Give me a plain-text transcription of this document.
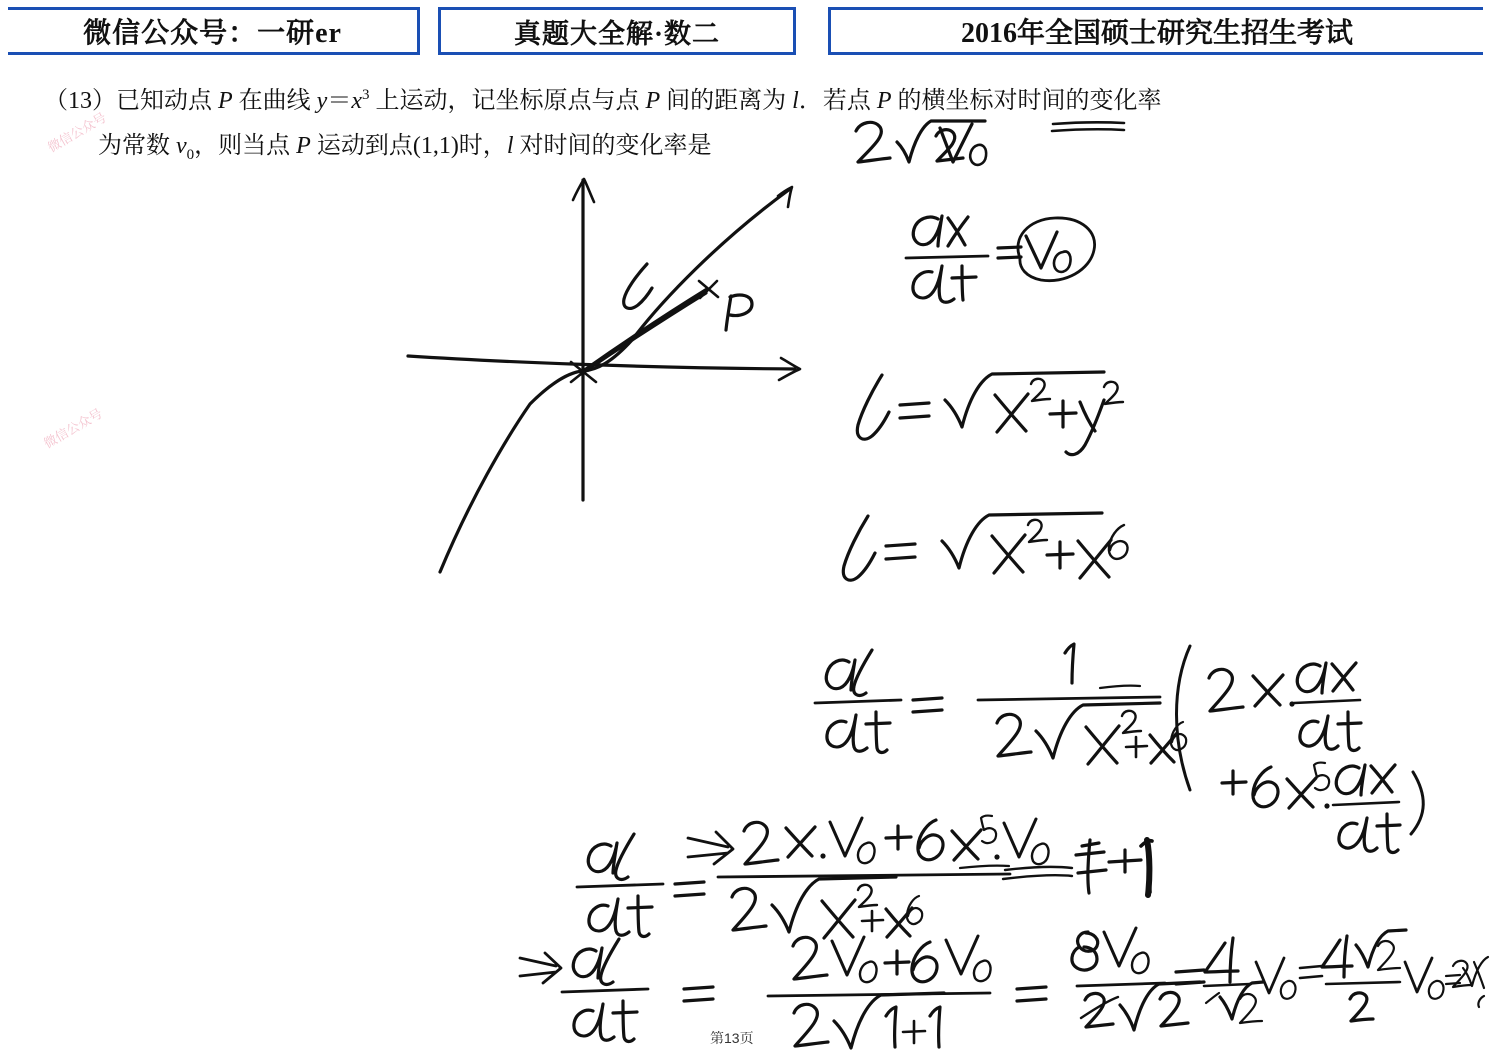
微信公众号：一研er	真题大全解·数二	2016年全国硕士研究生招生考试
（13）已知动点 P 在曲线 $y=x^3$ 上运动，记坐标原点与点 P 间的距离为 l．若点 P 的横坐标对时间的变化率
为常数 $v_0$，则当点 P 运动到点(1,1)时，l 对时间的变化率是
微信公众号
微信公众号
第13页
